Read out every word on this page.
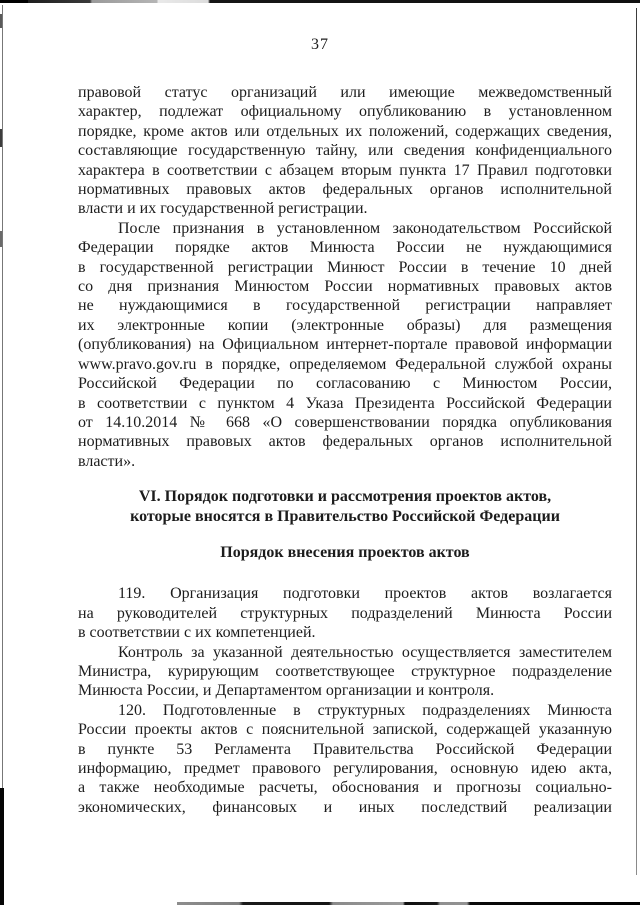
37
правовой статус организаций или имеющие межведомственный
характер, подлежат официальному опубликованию в установленном
порядке, кроме актов или отдельных их положений, содержащих сведения,
составляющие государственную тайну, или сведения конфиденциального
характера в соответствии с абзацем вторым пункта 17 Правил подготовки
нормативных правовых актов федеральных органов исполнительной
власти и их государственной регистрации.
После признания в установленном законодательством Российской
Федерации порядке актов Минюста России не нуждающимися
в государственной регистрации Минюст России в течение 10 дней
со дня признания Минюстом России нормативных правовых актов
не нуждающимися в государственной регистрации направляет
их электронные копии (электронные образы) для размещения
(опубликования) на Официальном интернет-портале правовой информации
www.pravo.gov.ru в порядке, определяемом Федеральной службой охраны
Российской Федерации по согласованию с Минюстом России,
в соответствии с пунктом 4 Указа Президента Российской Федерации
от 14.10.2014 № 668 «О совершенствовании порядка опубликования
нормативных правовых актов федеральных органов исполнительной
власти».
VI. Порядок подготовки и рассмотрения проектов актов,
которые вносятся в Правительство Российской Федерации
Порядок внесения проектов актов
119. Организация подготовки проектов актов возлагается
на руководителей структурных подразделений Минюста России
в соответствии с их компетенцией.
Контроль за указанной деятельностью осуществляется заместителем
Министра, курирующим соответствующее структурное подразделение
Минюста России, и Департаментом организации и контроля.
120. Подготовленные в структурных подразделениях Минюста
России проекты актов с пояснительной запиской, содержащей указанную
в пункте 53 Регламента Правительства Российской Федерации
информацию, предмет правового регулирования, основную идею акта,
а также необходимые расчеты, обоснования и прогнозы социально-
экономических, финансовых и иных последствий реализации
